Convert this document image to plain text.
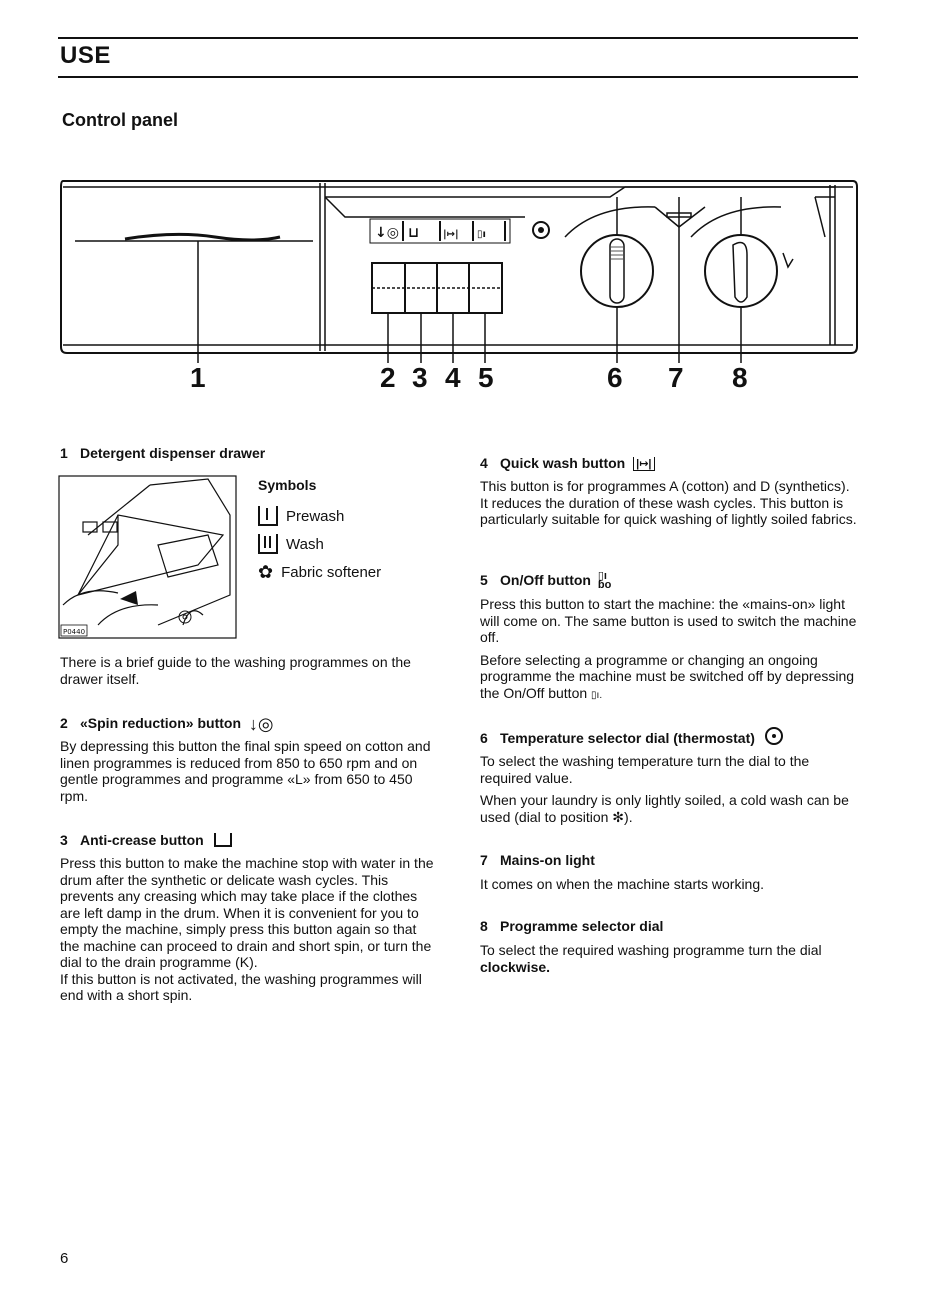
USE
Control panel
↓◎ ⊔ |↦| ▯ı
1	2 3 4 5	6 7 8
1 Detergent dispenser drawer
P0440
Symbols
Prewash
Wash
✿ Fabric softener

There is a brief guide to the washing programmes on the drawer itself.

2 «Spin reduction» button ↓◎

By depressing this button the final spin speed on cotton and linen programmes is reduced from 850 to 650 rpm and on gentle programmes and programme «L» from 650 to 450 rpm.

3 Anti-crease button

Press this button to make the machine stop with water in the drum after the synthetic or delicate wash cycles. This prevents any creasing which may take place if the clothes are left damp in the drum. When it is convenient for you to empty the machine, simply press this button again so that the machine can proceed to drain and short spin, or turn the dial to the drain programme (K).

If this button is not activated, the washing programmes will end with a short spin.

4 Quick wash button |↦|

This button is for programmes A (cotton) and D (synthetics). It reduces the duration of these wash cycles. This button is particularly suitable for quick washing of lightly soiled fabrics.

5 On/Off button ▯ı
ɓo

Press this button to start the machine: the «mains-on» light will come on. The same button is used to switch the machine off.

Before selecting a programme or changing an ongoing programme the machine must be switched off by depressing the On/Off button ▯ı.

6 Temperature selector dial (thermostat)

To select the washing temperature turn the dial to the required value.

When your laundry is only lightly soiled, a cold wash can be used (dial to position ✻).

7 Mains-on light

It comes on when the machine starts working.

8 Programme selector dial

To select the required washing programme turn the dial clockwise.

6
